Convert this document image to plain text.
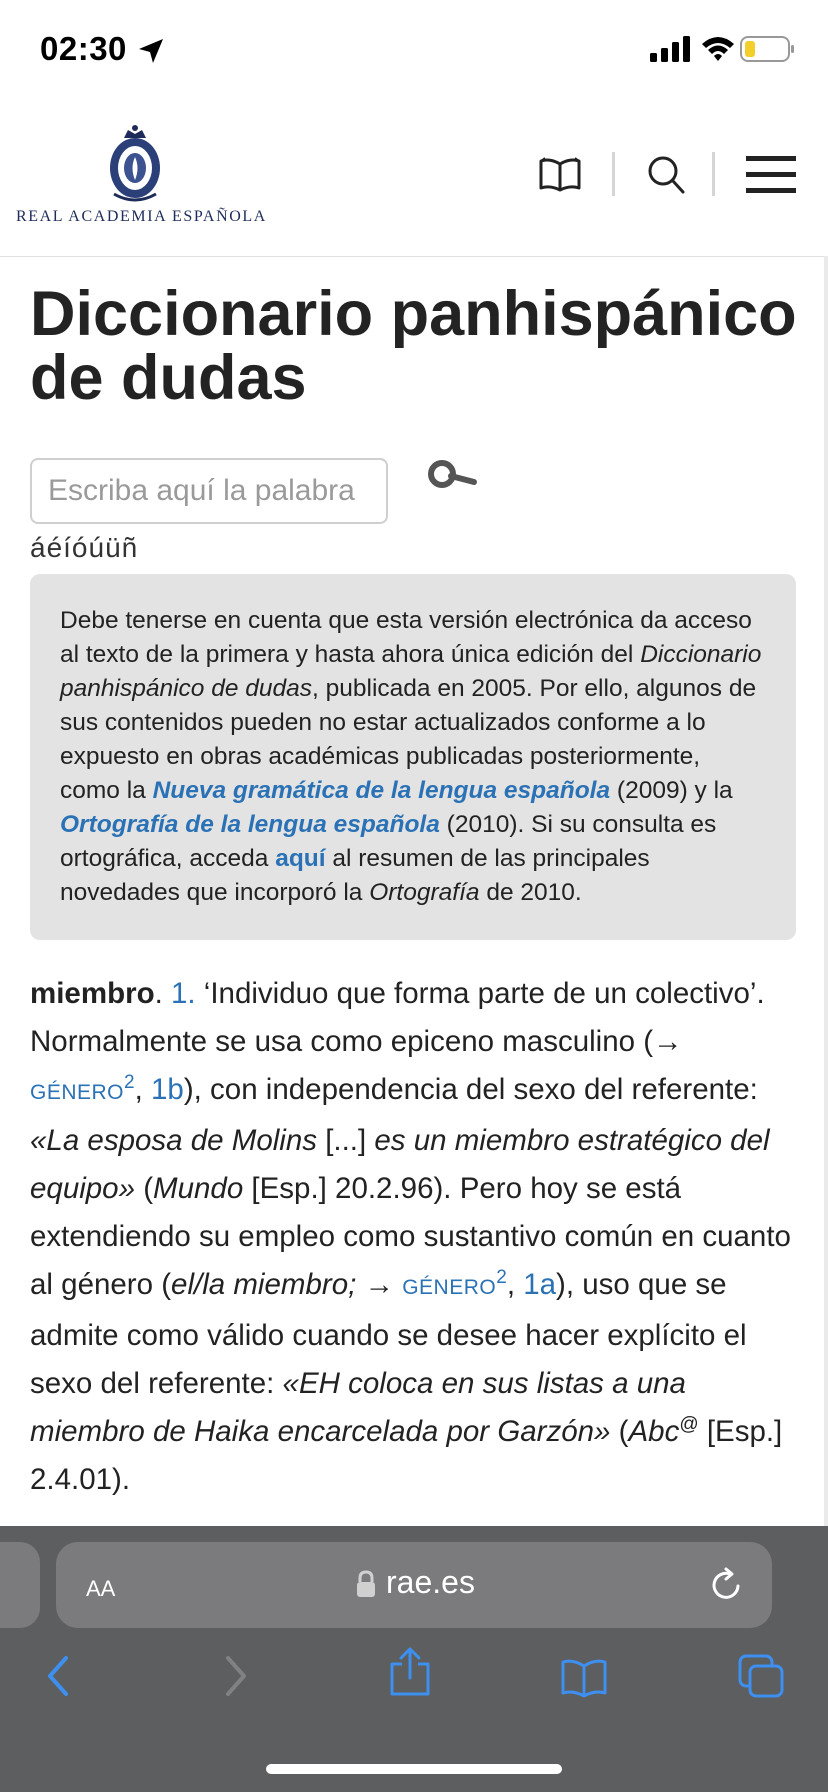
02:30
REAL ACADEMIA ESPAÑOLA
Diccionario panhispánico de dudas
Escriba aquí la palabra
áéíóúüñ
Debe tenerse en cuenta que esta versión electrónica da acceso al texto de la primera y hasta ahora única edición del Diccionario panhispánico de dudas, publicada en 2005. Por ello, algunos de sus contenidos pueden no estar actualizados conforme a lo expuesto en obras académicas publicadas posteriormente, como la Nueva gramática de la lengua española (2009) y la Ortografía de la lengua española (2010). Si su consulta es ortográfica, acceda aquí al resumen de las principales novedades que incorporó la Ortografía de 2010.
miembro. 1. ‘Individuo que forma parte de un colectivo’. Normalmente se usa como epiceno masculino (→ $GÉNERO^2$, 1b), con independencia del sexo del referente: «La esposa de Molins [...] es un miembro estratégico del equipo» (Mundo [Esp.] 20.2.96). Pero hoy se está extendiendo su empleo como sustantivo común en cuanto al género (el/la miembro; → $GÉNERO^2$, 1a), uso que se admite como válido cuando se desee hacer explícito el sexo del referente: «EH coloca en sus listas a una miembro de Haika encarcelada por Garzón» (Abc@ [Esp.] 2.4.01).
AA	rae.es
